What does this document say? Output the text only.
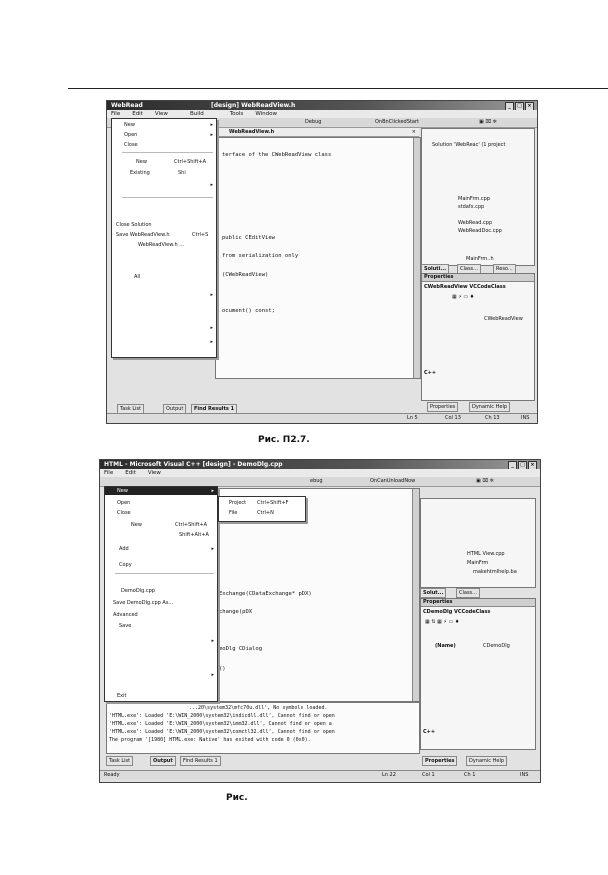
WebRead	[design] WebReadView.h	_	□	×
File Edit View	Build	Tools Window
Debug	OnBnClickedStart	▣ ⌧ ✲
WebReadView.h	×
terface of the CWebReadView class
public CEditView
from serialization only
(CWebReadView)
ocument() const;
New	▸
Open	▸
Close
New	Ctrl+Shift+A
Existing	Shi
▸
Close Solution
Save WebReadView.h	Ctrl+S
WebReadView.h ...
All
▸
▸
▸
Solution 'WebReac' (1 project
MainFrm.cpp
stdafx.cpp
WebRead.cpp
WebReadDoc.cpp
MainFrm..h
Soluti...	Class...	Reso...
Properties
CWebReadView VCCodeClass
▦ ⚡ ▭ ♦
CWebReadView
C++
Task List	Output	Find Results 1	Properties	Dynamic Help
Ln 5	Col 13	Ch 13	INS
Рис. П2.7.
HTML - Microsoft Visual C++ [design] - DemoDlg.cpp	_	□	×
File Edit View
ebug	OnCanUnloadNow	▣ ⌧ ✲
Exchange(CDataExchange* pDX)
change(pDX
moDlg CDialog
()
...20\system32\mfc70u.dll', No symbols loaded.
'HTML.exe': Loaded 'E:\WIN_2000\system32\indicdll.dll', Cannot find or open
'HTML.exe': Loaded 'E:\WIN_2000\system32\imm32.dll', Cannot find or open a
'HTML.exe': Loaded 'E:\WIN_2000\system32\comctl32.dll', Cannot find or open
The program '[1980] HTML.exe: Native' has exited with code 0 (0x0).
New	▸
Open
Close
New	Ctrl+Shift+A
Shift+Alt+A
Add	▸
Copy
DemoDlg.cpp
Save DemoDlg.cpp As...
Advanced
Save
▸
▸
Exit
Project Ctrl+Shift+F
File	Ctrl+N
HTML View.cpp
MainFrm
makehtmlhelp.ba
Solut...	Class...
Properties
CDemoDlg VCCodeClass
▦ ⇅ ▦ ⚡ ▭ ♦
(Name)	CDemoDlg
C++
Task List	Output	Find Results 1	Properties	Dynamic Help
Ready	Ln 22	Col 1	Ch 1	INS
Рис.
